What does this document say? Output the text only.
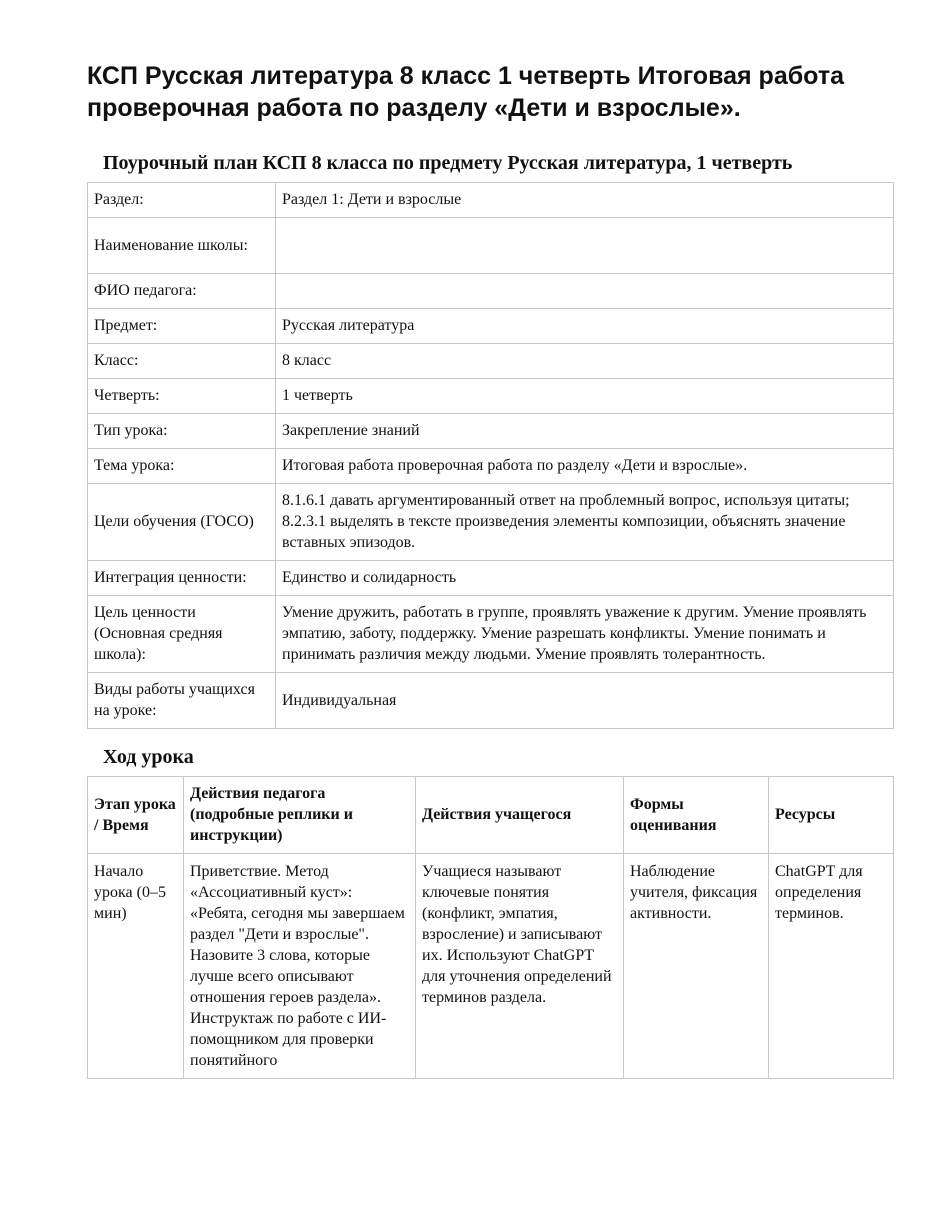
КСП Русская литература 8 класс 1 четверть Итоговая работа проверочная работа по разделу «Дети и взрослые».
Поурочный план КСП 8 класса по предмету Русская литература, 1 четверть
Раздел:	Раздел 1: Дети и взрослые
Наименование школы:	
ФИО педагога:	
Предмет:	Русская литература
Класс:	8 класс
Четверть:	1 четверть
Тип урока:	Закрепление знаний
Тема урока:	Итоговая работа проверочная работа по разделу «Дети и взрослые».
Цели обучения (ГОСО)	8.1.6.1 давать аргументированный ответ на проблемный вопрос, используя цитаты; 8.2.3.1 выделять в тексте произведения элементы композиции, объяснять значение вставных эпизодов.
Интеграция ценности:	Единство и солидарность
Цель ценности (Основная средняя школа):	Умение дружить, работать в группе, проявлять уважение к другим. Умение проявлять эмпатию, заботу, поддержку. Умение разрешать конфликты. Умение понимать и принимать различия между людьми. Умение проявлять толерантность.
Виды работы учащихся на уроке:	Индивидуальная
Ход урока
Этап урока / Время	Действия педагога (подробные реплики и инструкции)	Действия учащегося	Формы оценивания	Ресурсы
Начало урока (0–5 мин)	Приветствие. Метод «Ассоциативный куст»: «Ребята, сегодня мы завершаем раздел "Дети и взрослые". Назовите 3 слова, которые лучше всего описывают отношения героев раздела». Инструктаж по работе с ИИ-помощником для проверки понятийного	Учащиеся называют ключевые понятия (конфликт, эмпатия, взросление) и записывают их. Используют ChatGPT для уточнения определений терминов раздела.	Наблюдение учителя, фиксация активности.	ChatGPT для определения терминов.
